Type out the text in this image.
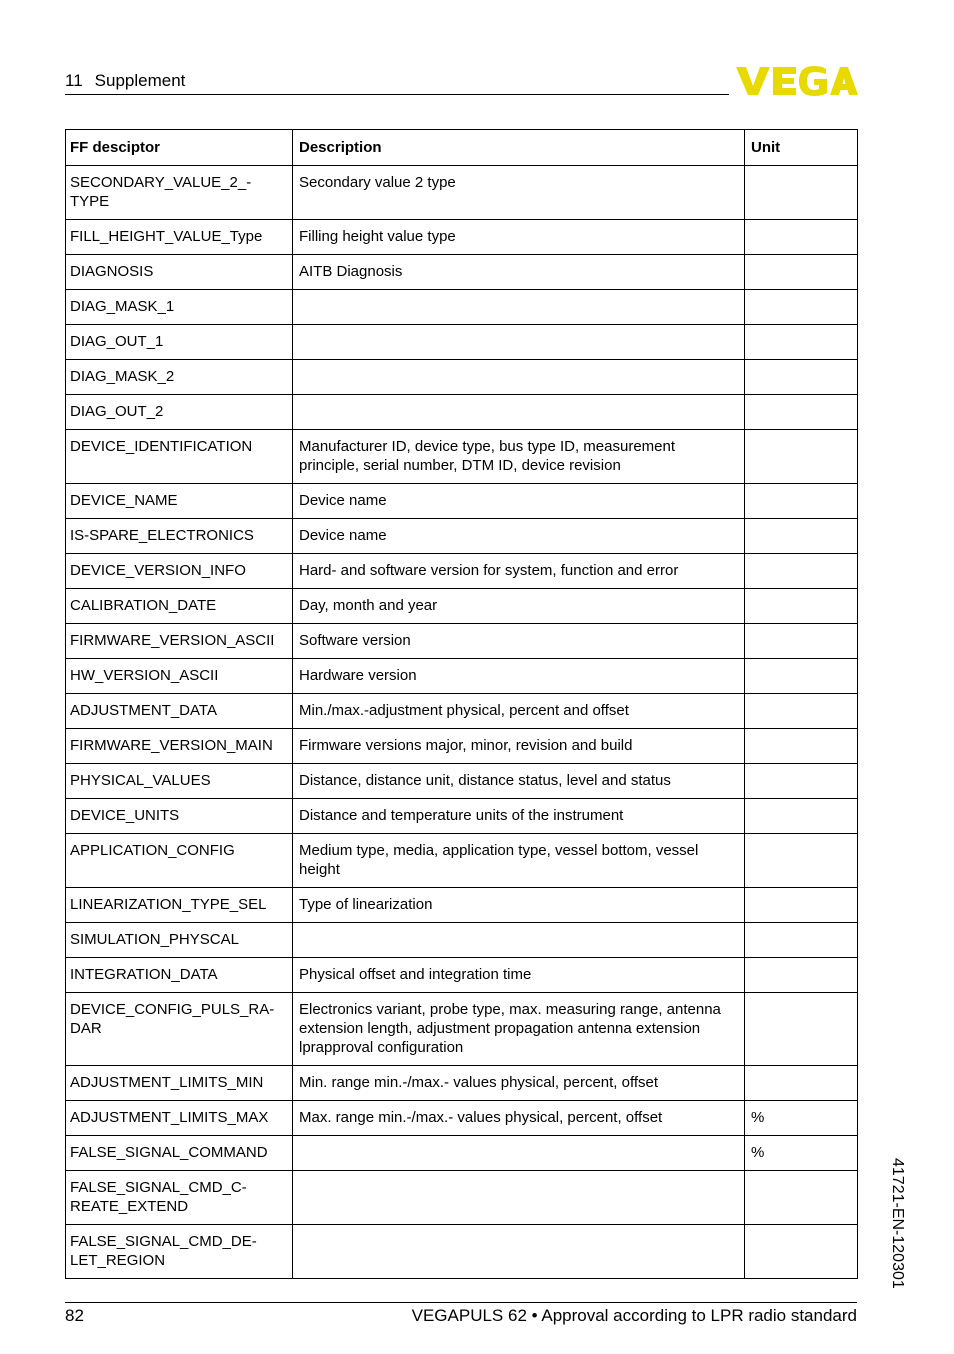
11 Supplement
FF desciptor	Description	Unit
SECONDARY_VALUE_2_-
TYPE	Secondary value 2 type	
FILL_HEIGHT_VALUE_Type	Filling height value type	
DIAGNOSIS	AITB Diagnosis	
DIAG_MASK_1		
DIAG_OUT_1		
DIAG_MASK_2		
DIAG_OUT_2		
DEVICE_IDENTIFICATION	Manufacturer ID, device type, bus type ID, measurement
principle, serial number, DTM ID, device revision	
DEVICE_NAME	Device name	
IS-SPARE_ELECTRONICS	Device name	
DEVICE_VERSION_INFO	Hard- and software version for system, function and error	
CALIBRATION_DATE	Day, month and year	
FIRMWARE_VERSION_ASCII	Software version	
HW_VERSION_ASCII	Hardware version	
ADJUSTMENT_DATA	Min./max.-adjustment physical, percent and offset	
FIRMWARE_VERSION_MAIN	Firmware versions major, minor, revision and build	
PHYSICAL_VALUES	Distance, distance unit, distance status, level and status	
DEVICE_UNITS	Distance and temperature units of the instrument	
APPLICATION_CONFIG	Medium type, media, application type, vessel bottom, vessel
height	
LINEARIZATION_TYPE_SEL	Type of linearization	
SIMULATION_PHYSCAL		
INTEGRATION_DATA	Physical offset and integration time	
DEVICE_CONFIG_PULS_RA-
DAR	Electronics variant, probe type, max. measuring range, antenna
extension length, adjustment propagation antenna extension
lprapproval configuration	
ADJUSTMENT_LIMITS_MIN	Min. range min.-/max.- values physical, percent, offset	
ADJUSTMENT_LIMITS_MAX	Max. range min.-/max.- values physical, percent, offset	%
FALSE_SIGNAL_COMMAND		%
FALSE_SIGNAL_CMD_C-
REATE_EXTEND		
FALSE_SIGNAL_CMD_DE-
LET_REGION		
82	VEGAPULS 62 • Approval according to LPR radio standard
41721-EN-120301
